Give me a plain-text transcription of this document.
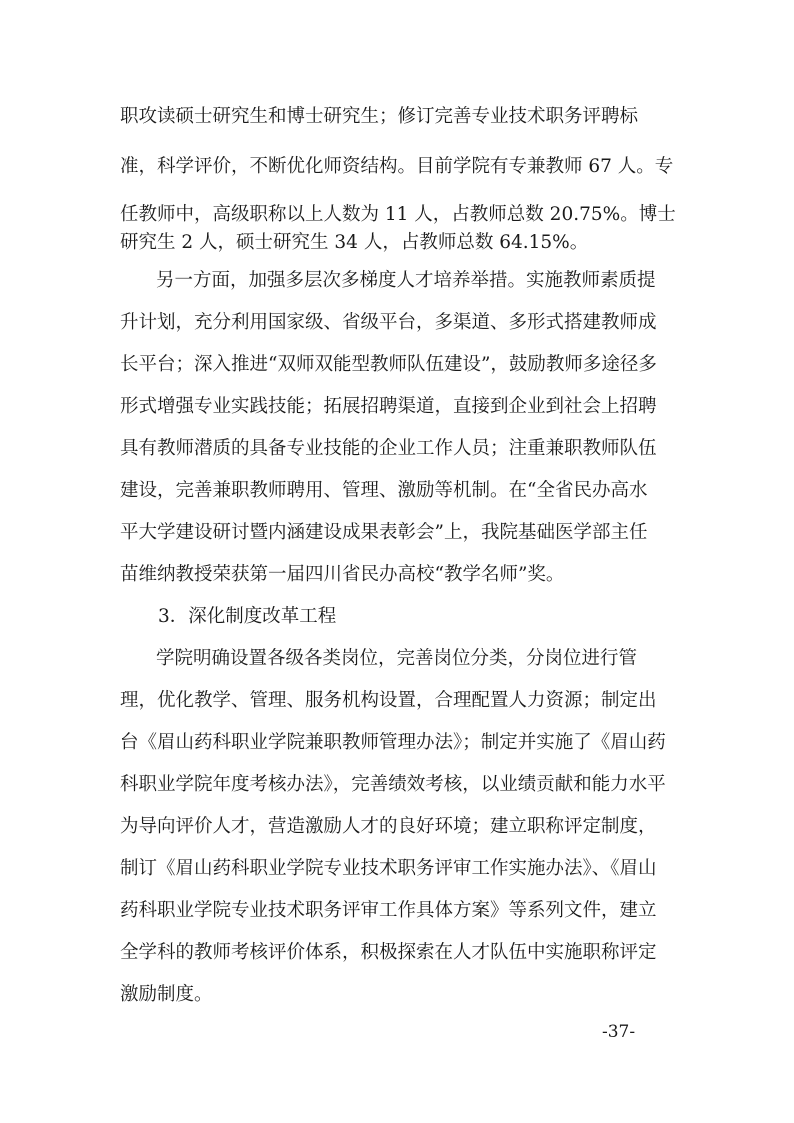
职攻读硕士研究生和博士研究生；修订完善专业技术职务评聘标
准，科学评价，不断优化师资结构。目前学院有专兼教师 67 人。专
任教师中，高级职称以上人数为 11 人，占教师总数 20.75%。博士
研究生 2 人，硕士研究生 34 人，占教师总数 64.15%。
另一方面，加强多层次多梯度人才培养举措。实施教师素质提
升计划，充分利用国家级、省级平台，多渠道、多形式搭建教师成
长平台；深入推进“双师双能型教师队伍建设”，鼓励教师多途径多
形式增强专业实践技能；拓展招聘渠道，直接到企业到社会上招聘
具有教师潜质的具备专业技能的企业工作人员；注重兼职教师队伍
建设，完善兼职教师聘用、管理、激励等机制。在“全省民办高水
平大学建设研讨暨内涵建设成果表彰会”上，我院基础医学部主任
苗维纳教授荣获第一届四川省民办高校“教学名师”奖。
3．深化制度改革工程
学院明确设置各级各类岗位，完善岗位分类，分岗位进行管
理，优化教学、管理、服务机构设置，合理配置人力资源；制定出
台《眉山药科职业学院兼职教师管理办法》；制定并实施了《眉山药
科职业学院年度考核办法》，完善绩效考核，以业绩贡献和能力水平
为导向评价人才，营造激励人才的良好环境；建立职称评定制度，
制订《眉山药科职业学院专业技术职务评审工作实施办法》、《眉山
药科职业学院专业技术职务评审工作具体方案》等系列文件，建立
全学科的教师考核评价体系，积极探索在人才队伍中实施职称评定
激励制度。
-37-
